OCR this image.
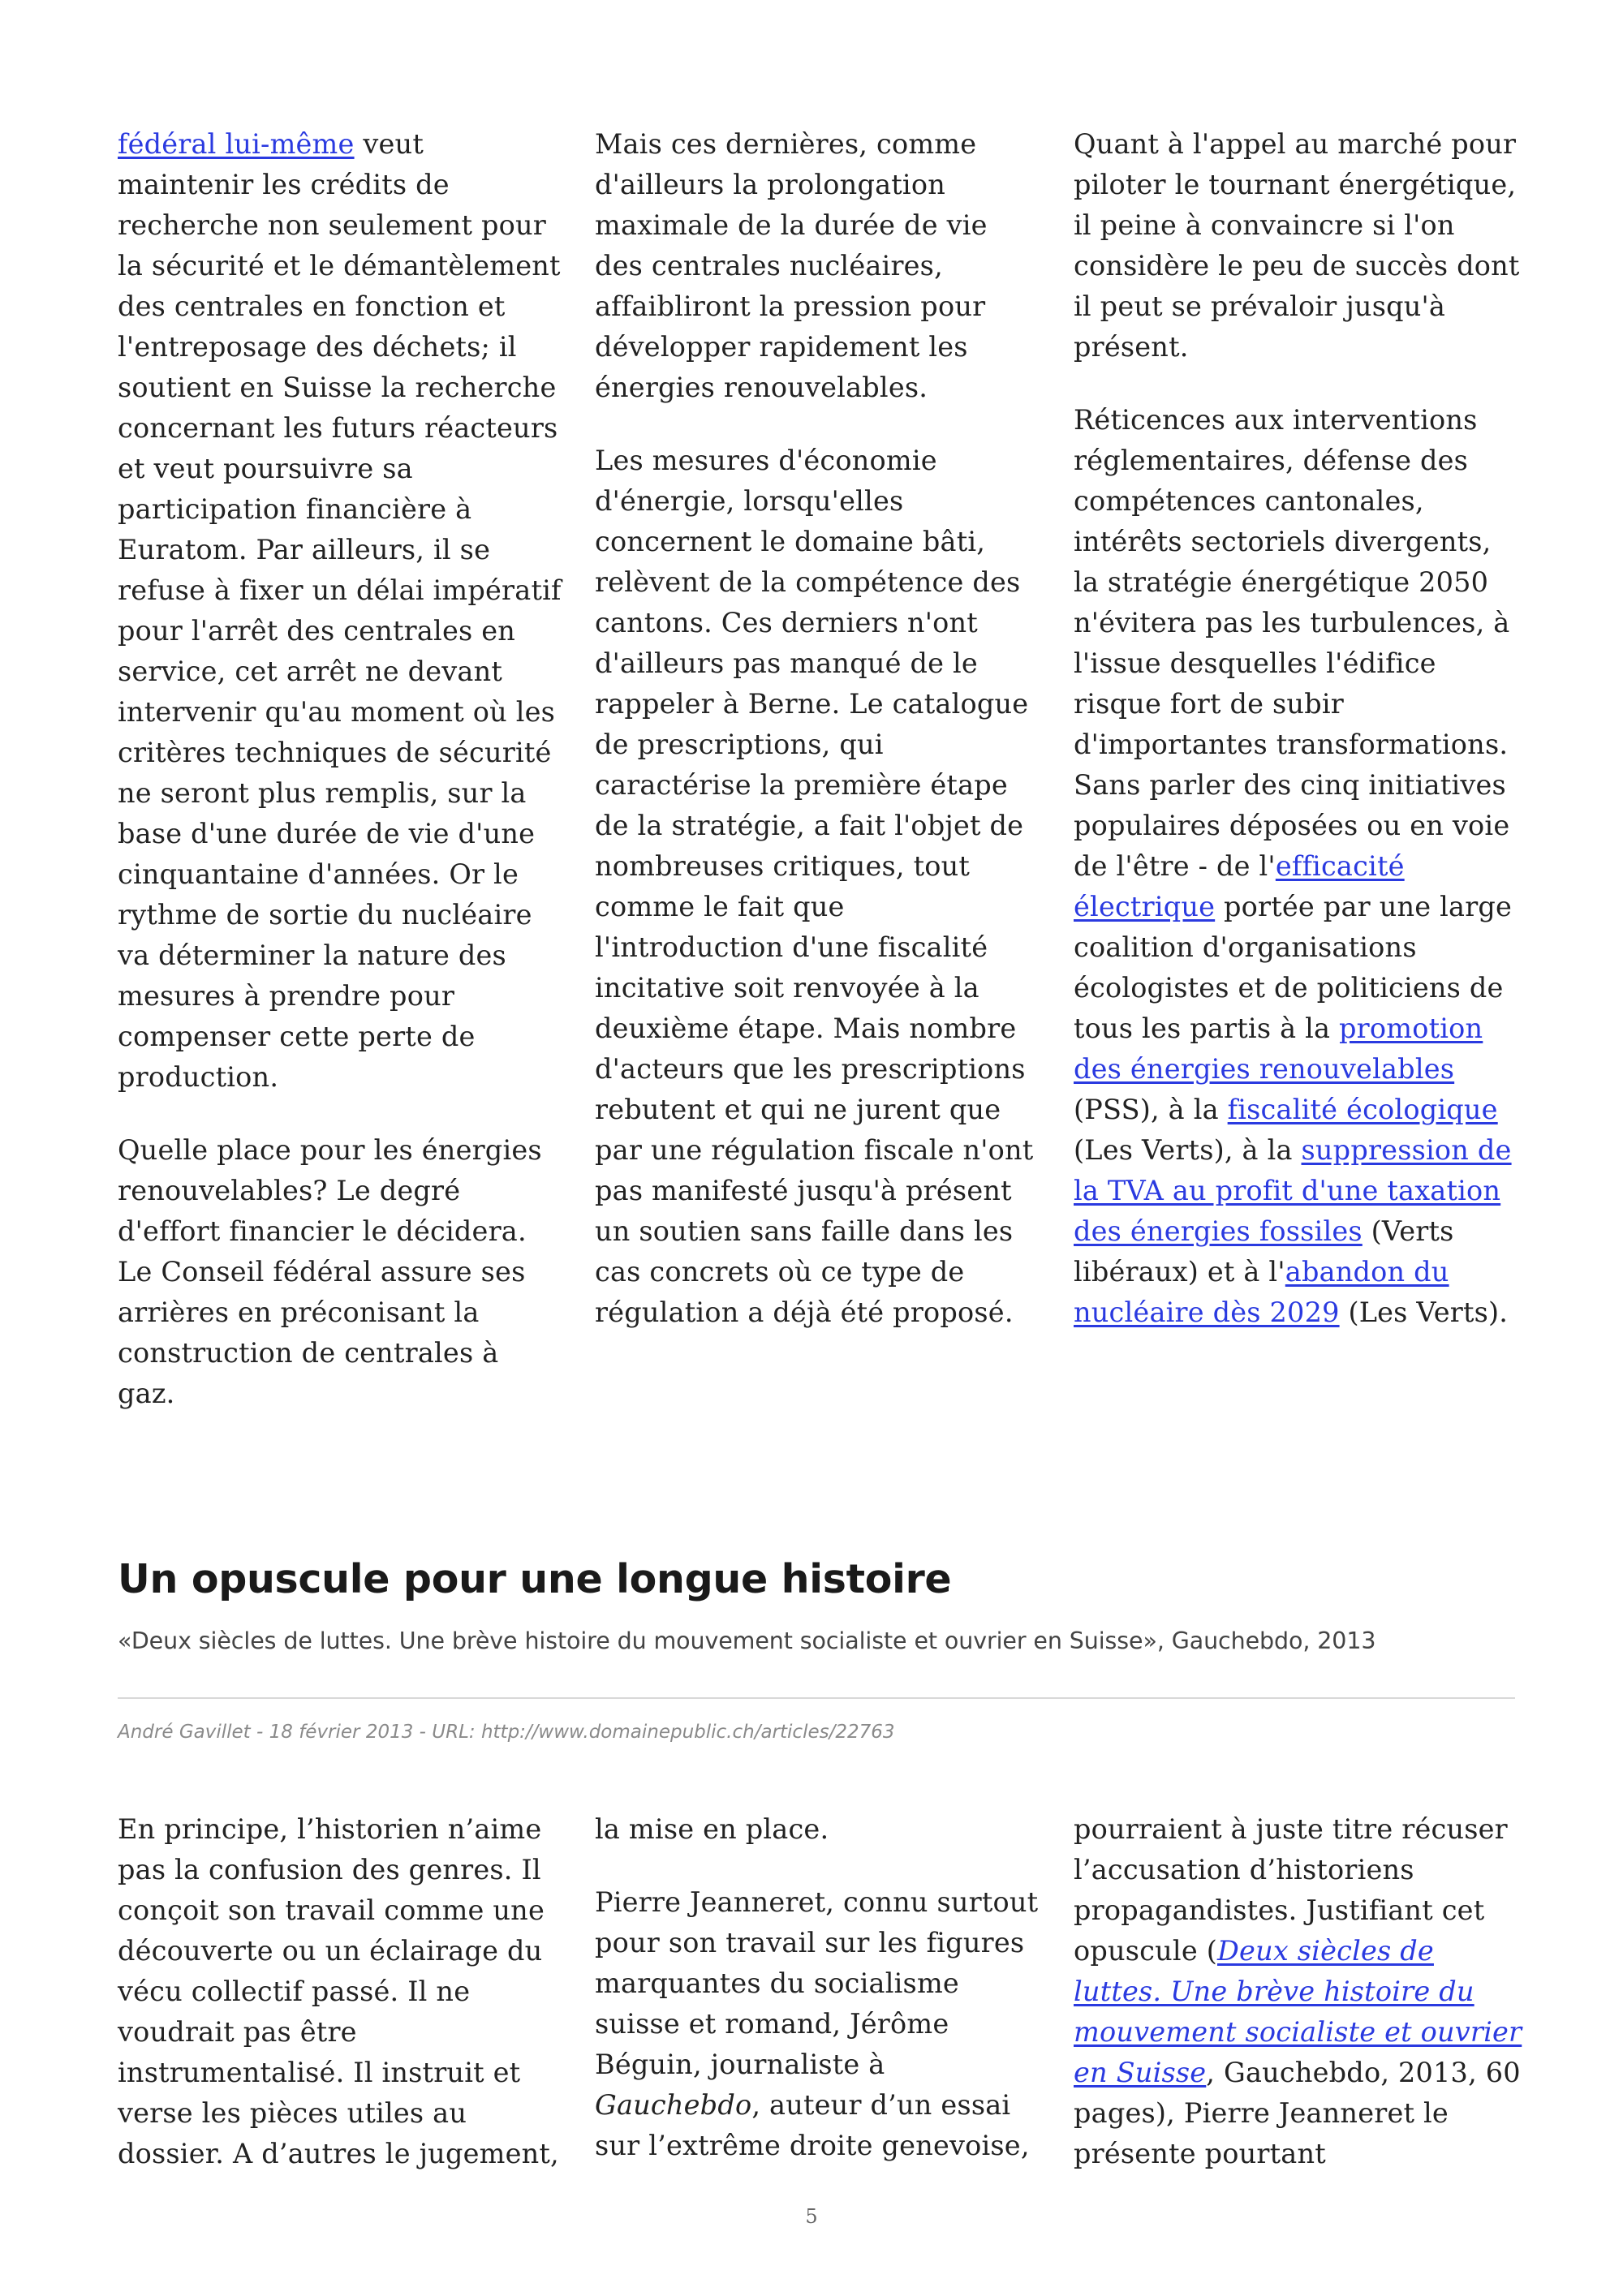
fédéral lui-même veut maintenir les crédits de recherche non seulement pour la sécurité et le démantèlement des centrales en fonction et l'entreposage des déchets; il soutient en Suisse la recherche concernant les futurs réacteurs et veut poursuivre sa participation financière à Euratom. Par ailleurs, il se refuse à fixer un délai impératif pour l'arrêt des centrales en service, cet arrêt ne devant intervenir qu'au moment où les critères techniques de sécurité ne seront plus remplis, sur la base d'une durée de vie d'une cinquantaine d'années. Or le rythme de sortie du nucléaire va déterminer la nature des mesures à prendre pour compenser cette perte de production.

Quelle place pour les énergies renouvelables? Le degré d'effort financier le décidera. Le Conseil fédéral assure ses arrières en préconisant la construction de centrales à gaz.

Mais ces dernières, comme d'ailleurs la prolongation maximale de la durée de vie des centrales nucléaires, affaibliront la pression pour développer rapidement les énergies renouvelables.

Les mesures d'économie d'énergie, lorsqu'elles concernent le domaine bâti, relèvent de la compétence des cantons. Ces derniers n'ont d'ailleurs pas manqué de le rappeler à Berne. Le catalogue de prescriptions, qui caractérise la première étape de la stratégie, a fait l'objet de nombreuses critiques, tout comme le fait que l'introduction d'une fiscalité incitative soit renvoyée à la deuxième étape. Mais nombre d'acteurs que les prescriptions rebutent et qui ne jurent que par une régulation fiscale n'ont pas manifesté jusqu'à présent un soutien sans faille dans les cas concrets où ce type de régulation a déjà été proposé.

Quant à l'appel au marché pour piloter le tournant énergétique, il peine à convaincre si l'on considère le peu de succès dont il peut se prévaloir jusqu'à présent.

Réticences aux interventions réglementaires, défense des compétences cantonales, intérêts sectoriels divergents, la stratégie énergétique 2050 n'évitera pas les turbulences, à l'issue desquelles l'édifice risque fort de subir d'importantes transformations. Sans parler des cinq initiatives populaires déposées ou en voie de l'être - de l'efficacité électrique portée par une large coalition d'organisations écologistes et de politiciens de tous les partis à la promotion des énergies renouvelables (PSS), à la fiscalité écologique (Les Verts), à la suppression de la TVA au profit d'une taxation des énergies fossiles (Verts libéraux) et à l'abandon du nucléaire dès 2029 (Les Verts).

Un opuscule pour une longue histoire

«Deux siècles de luttes. Une brève histoire du mouvement socialiste et ouvrier en Suisse», Gauchebdo, 2013

André Gavillet - 18 février 2013 - URL: http://www.domainepublic.ch/articles/22763

En principe, l’historien n’aime pas la confusion des genres. Il conçoit son travail comme une découverte ou un éclairage du vécu collectif passé. Il ne voudrait pas être instrumentalisé. Il instruit et verse les pièces utiles au dossier. A d’autres le jugement,

la mise en place.

Pierre Jeanneret, connu surtout pour son travail sur les figures marquantes du socialisme suisse et romand, Jérôme Béguin, journaliste à Gauchebdo, auteur d’un essai sur l’extrême droite genevoise,

pourraient à juste titre récuser l’accusation d’historiens propagandistes. Justifiant cet opuscule (Deux siècles de luttes. Une brève histoire du mouvement socialiste et ouvrier en Suisse, Gauchebdo, 2013, 60 pages), Pierre Jeanneret le présente pourtant

5
